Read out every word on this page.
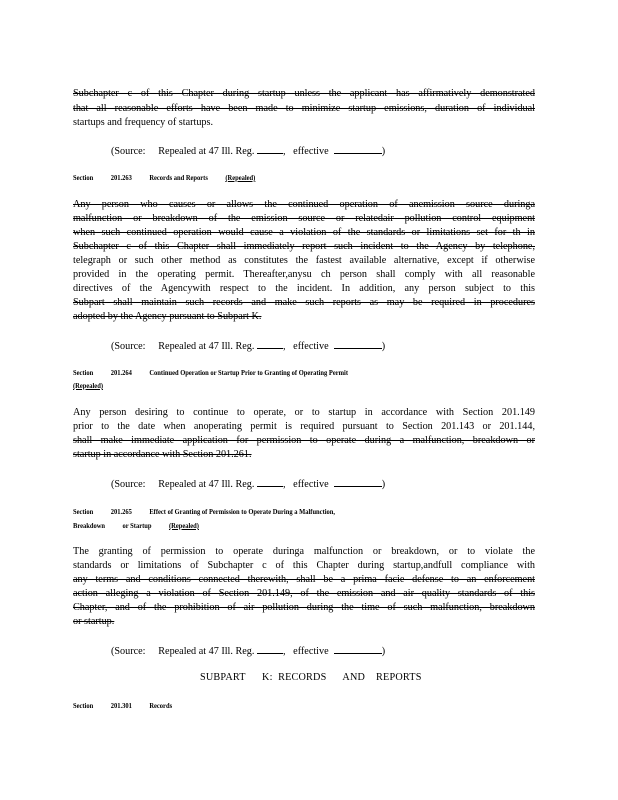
Subchapter c of this Chapter during startup unless the applicant has affirmatively demonstrated
that all reasonable efforts have been made to minimize startup emissions, duration of individual
startups and frequency of startups.
(Source: Repealed at 47 Ill. Reg.	,   effective	)
Section 201.263 Records and Reports (Repealed)
Any person who causes or allows the continued operation of anemission source duringa
malfunction or breakdown of the emission source or relatedair pollution control equipment
when such continued operation would cause a violation of the standards or limitations set for th in
Subchapter c of this Chapter shall immediately report such incident to the Agency by telephone,
telegraph or such other method as constitutes the fastest available alternative, except if otherwise
provided in the operating permit. Thereafter,anysu ch person shall comply with all reasonable
directives of the Agencywith respect to the incident. In addition, any person subject to this
Subpart shall maintain such records and make such reports as may be required in procedures
adopted by the Agency pursuant to Subpart K.
(Source: Repealed at 47 Ill. Reg.	,   effective	)
Section 201.264 Continued Operation or Startup Prior to Granting of Operating Permit
(Repealed)
Any person desiring to continue to operate, or to startup in accordance with Section 201.149
prior to the date when anoperating permit is required pursuant to Section 201.143 or 201.144,
shall make immediate application for permission to operate during a malfunction, breakdown or
startup in accordance with Section 201.261.
(Source: Repealed at 47 Ill. Reg.	,   effective	)
Section 201.265 Effect of Granting of Permission to Operate During a Malfunction,
Breakdown or Startup (Repealed)
The granting of permission to operate duringa malfunction or breakdown, or to violate the
standards or limitations of Subchapter c of this Chapter during startup,andfull compliance with
any terms and conditions connected therewith, shall be a prima facie defense to an enforcement
action alleging a violation of Section 201.149, of the emission and air quality standards of this
Chapter, and of the prohibition of air pollution during the time of such malfunction, breakdown
or startup.
(Source: Repealed at 47 Ill. Reg.	,   effective	)
SUBPART      K:  RECORDS      AND    REPORTS
Section 201.301 Records
